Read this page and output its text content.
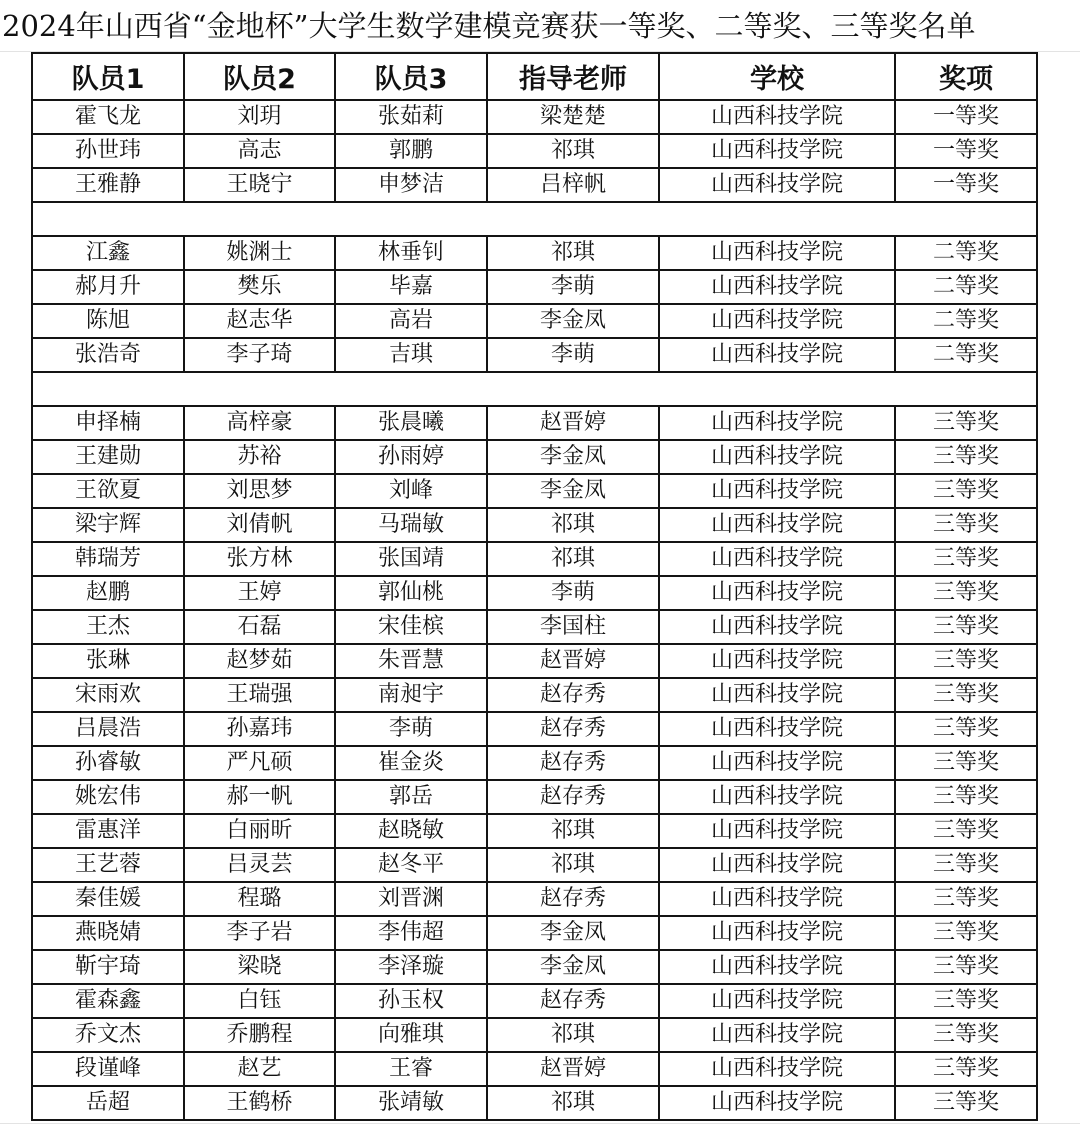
2024年山西省“金地杯”大学生数学建模竞赛获一等奖、二等奖、三等奖名单
队员1	队员2	队员3	指导老师	学校	奖项
霍飞龙	刘玥	张茹莉	梁楚楚	山西科技学院	一等奖
孙世玮	高志	郭鹏	祁琪	山西科技学院	一等奖
王雅静	王晓宁	申梦洁	吕梓帆	山西科技学院	一等奖

江鑫	姚渊士	林垂钊	祁琪	山西科技学院	二等奖
郝月升	樊乐	毕嘉	李萌	山西科技学院	二等奖
陈旭	赵志华	高岩	李金凤	山西科技学院	二等奖
张浩奇	李子琦	吉琪	李萌	山西科技学院	二等奖

申择楠	高梓豪	张晨曦	赵晋婷	山西科技学院	三等奖
王建勋	苏裕	孙雨婷	李金凤	山西科技学院	三等奖
王欲夏	刘思梦	刘峰	李金凤	山西科技学院	三等奖
梁宇辉	刘倩帆	马瑞敏	祁琪	山西科技学院	三等奖
韩瑞芳	张方林	张国靖	祁琪	山西科技学院	三等奖
赵鹏	王婷	郭仙桃	李萌	山西科技学院	三等奖
王杰	石磊	宋佳槟	李国柱	山西科技学院	三等奖
张琳	赵梦茹	朱晋慧	赵晋婷	山西科技学院	三等奖
宋雨欢	王瑞强	南昶宇	赵存秀	山西科技学院	三等奖
吕晨浩	孙嘉玮	李萌	赵存秀	山西科技学院	三等奖
孙睿敏	严凡硕	崔金炎	赵存秀	山西科技学院	三等奖
姚宏伟	郝一帆	郭岳	赵存秀	山西科技学院	三等奖
雷惠洋	白丽昕	赵晓敏	祁琪	山西科技学院	三等奖
王艺蓉	吕灵芸	赵冬平	祁琪	山西科技学院	三等奖
秦佳媛	程璐	刘晋渊	赵存秀	山西科技学院	三等奖
燕晓婧	李子岩	李伟超	李金凤	山西科技学院	三等奖
靳宇琦	梁晓	李泽璇	李金凤	山西科技学院	三等奖
霍森鑫	白钰	孙玉权	赵存秀	山西科技学院	三等奖
乔文杰	乔鹏程	向雅琪	祁琪	山西科技学院	三等奖
段谨峰	赵艺	王睿	赵晋婷	山西科技学院	三等奖
岳超	王鹤桥	张靖敏	祁琪	山西科技学院	三等奖
